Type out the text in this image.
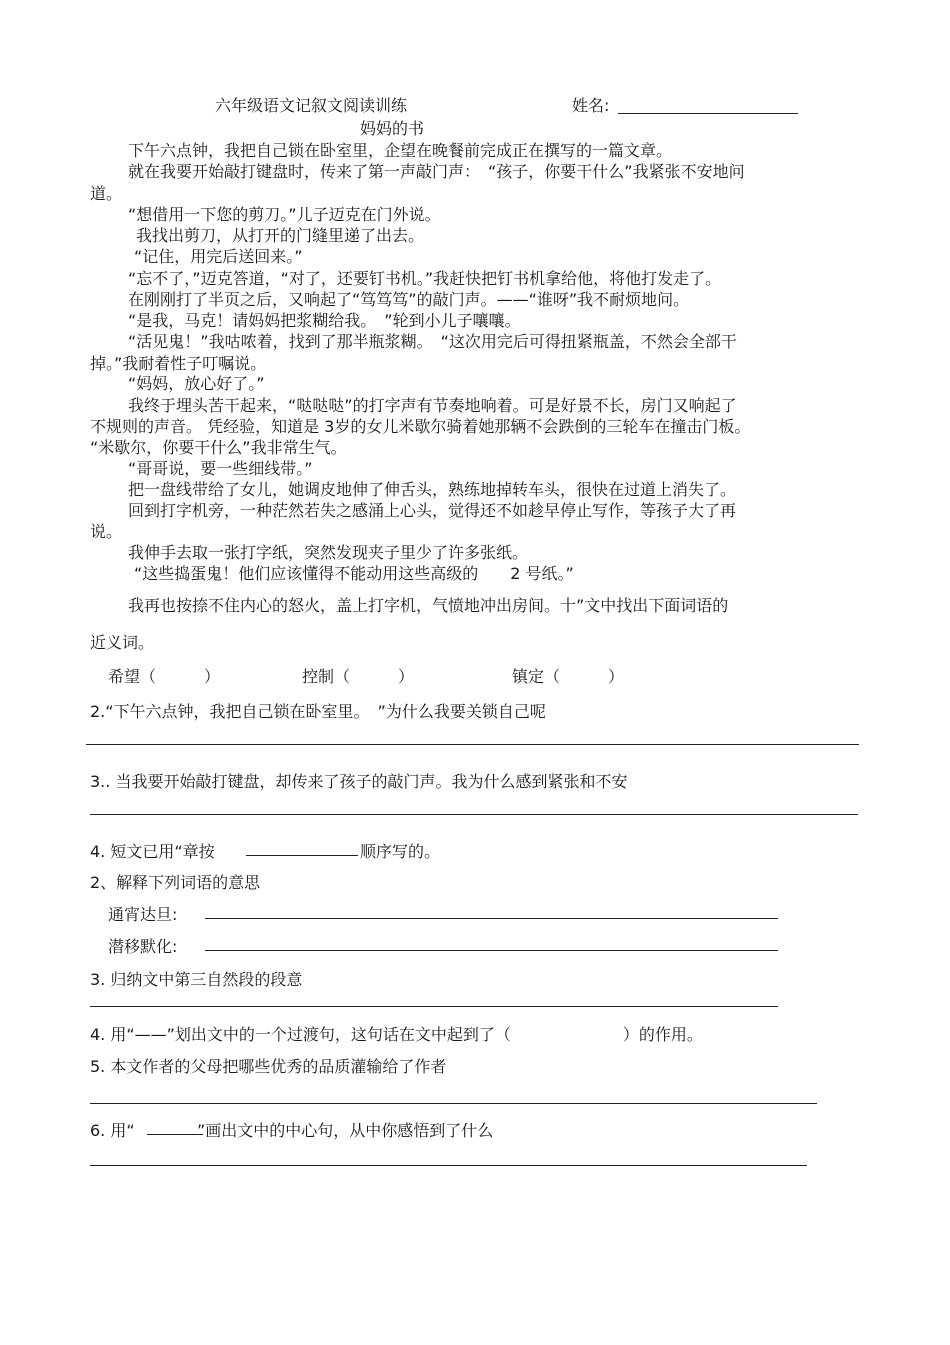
六年级语文记叙文阅读训练	姓名:
妈妈的书
下午六点钟，我把自己锁在卧室里，企望在晚餐前完成正在撰写的一篇文章。
就在我要开始敲打键盘时，传来了第一声敲门声：　“孩子，你要干什么”我紧张不安地问
道。
“想借用一下您的剪刀。”儿子迈克在门外说。
我找出剪刀，从打开的门缝里递了出去。
“记住，用完后送回来。”
“忘不了，”迈克答道，“对了，还要钉书机。”我赶快把钉书机拿给他，将他打发走了。
在刚刚打了半页之后，又响起了“笃笃笃”的敲门声。——“谁呀”我不耐烦地问。
“是我，马克！请妈妈把浆糊给我。　”轮到小儿子嚷嚷。
“活见鬼！”我咕哝着，找到了那半瓶浆糊。　“这次用完后可得扭紧瓶盖，不然会全部干
掉。”我耐着性子叮嘱说。
“妈妈，放心好了。”
我终于埋头苦干起来，“哒哒哒”的打字声有节奏地响着。可是好景不长，房门又响起了
不规则的声音。 凭经验，知道是 3岁的女儿米歇尔骑着她那辆不会跌倒的三轮车在撞击门板。
“米歇尔，你要干什么”我非常生气。
“哥哥说，要一些细线带。”
把一盘线带给了女儿，她调皮地伸了伸舌头，熟练地掉转车头，很快在过道上消失了。
回到打字机旁，一种茫然若失之感涌上心头，觉得还不如趁早停止写作，等孩子大了再
说。
我伸手去取一张打字纸，突然发现夹子里少了许多张纸。
“这些捣蛋鬼！他们应该懂得不能动用这些高级的　　2 号纸。”
我再也按捺不住内心的怒火，盖上打字机，气愤地冲出房间。十”文中找出下面词语的
近义词。
希望（　　　）	控制（　　　）	镇定（　　　）
2.“下午六点钟，我把自己锁在卧室里。　”为什么我要关锁自己呢
3.. 当我要开始敲打键盘，却传来了孩子的敲门声。我为什么感到紧张和不安
4. 短文已用“章按	顺序写的。
2、解释下列词语的意思
通宵达旦:
潜移默化:
3. 归纳文中第三自然段的段意
4. 用“——”划出文中的一个过渡句，这句话在文中起到了（　　　　　　　）的作用。
5. 本文作者的父母把哪些优秀的品质灌输给了作者
6. 用“	”画出文中的中心句，从中你感悟到了什么
